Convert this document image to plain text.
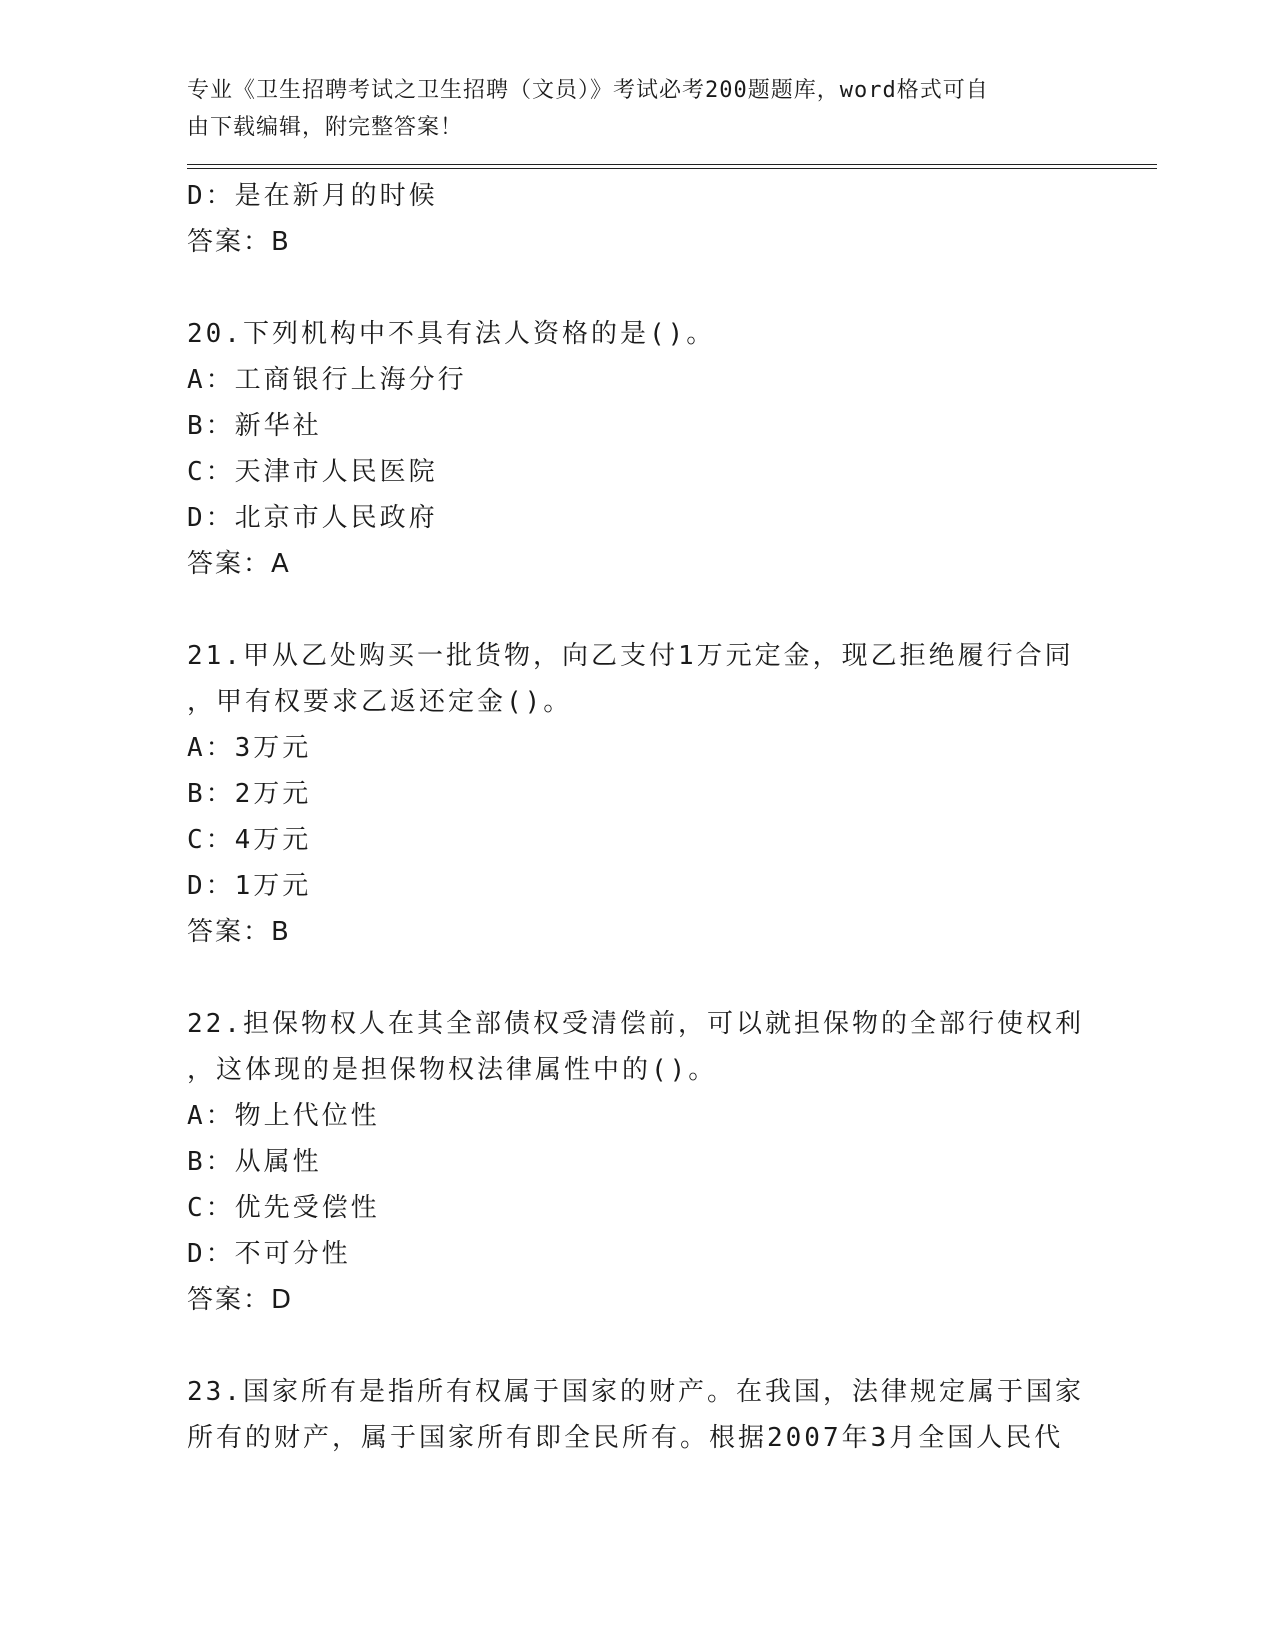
专业《卫生招聘考试之卫生招聘（文员）》考试必考200题题库，word格式可自
由下载编辑，附完整答案！
D：是在新月的时候
答案：B
20.下列机构中不具有法人资格的是()。
A：工商银行上海分行
B：新华社
C：天津市人民医院
D：北京市人民政府
答案：A
21.甲从乙处购买一批货物，向乙支付1万元定金，现乙拒绝履行合同
，甲有权要求乙返还定金()。
A：3万元
B：2万元
C：4万元
D：1万元
答案：B
22.担保物权人在其全部债权受清偿前，可以就担保物的全部行使权利
，这体现的是担保物权法律属性中的()。
A：物上代位性
B：从属性
C：优先受偿性
D：不可分性
答案：D
23.国家所有是指所有权属于国家的财产。在我国，法律规定属于国家
所有的财产，属于国家所有即全民所有。根据2007年3月全国人民代
